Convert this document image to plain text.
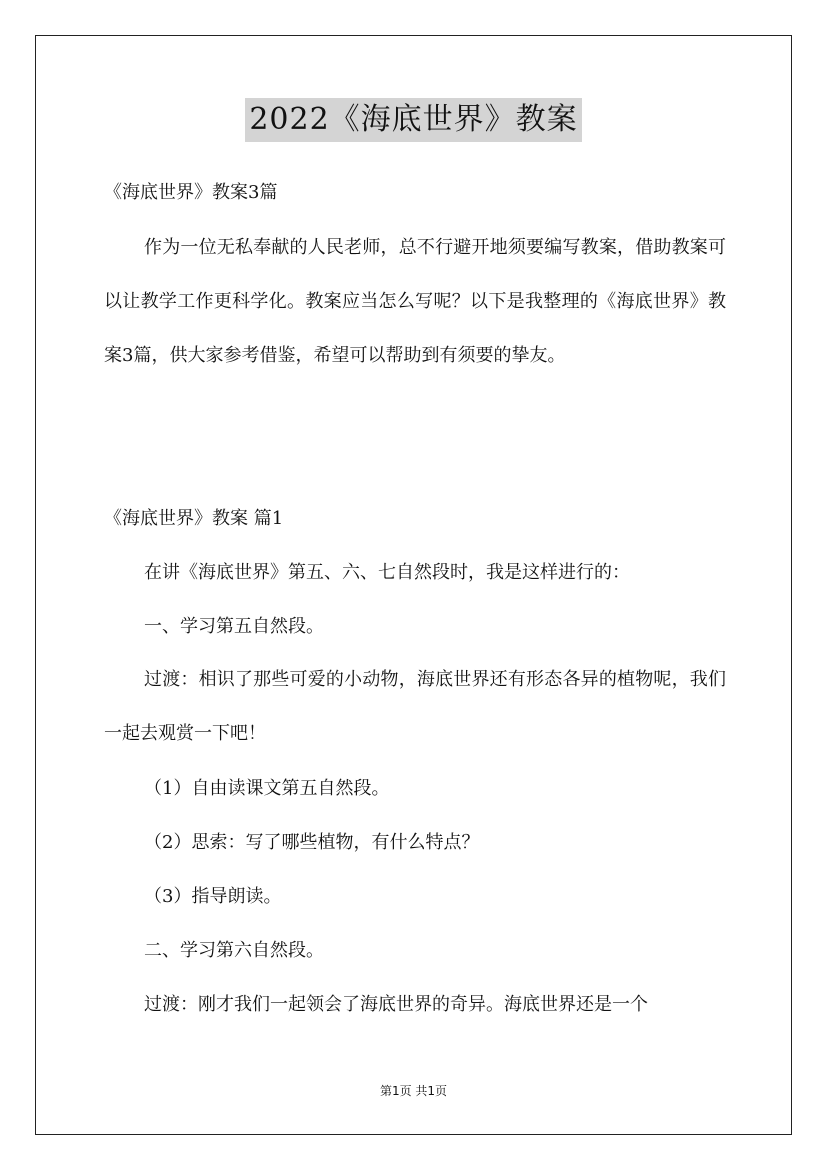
2022《海底世界》教案
《海底世界》教案3篇
作为一位无私奉献的人民老师，总不行避开地须要编写教案，借助教案可以让教学工作更科学化。教案应当怎么写呢？以下是我整理的《海底世界》教案3篇，供大家参考借鉴，希望可以帮助到有须要的挚友。
《海底世界》教案 篇1
在讲《海底世界》第五、六、七自然段时，我是这样进行的：
一、学习第五自然段。
过渡：相识了那些可爱的小动物，海底世界还有形态各异的植物呢，我们一起去观赏一下吧！
（1）自由读课文第五自然段。
（2）思索：写了哪些植物，有什么特点？
（3）指导朗读。
二、学习第六自然段。
过渡：刚才我们一起领会了海底世界的奇异。海底世界还是一个
第1页 共1页
